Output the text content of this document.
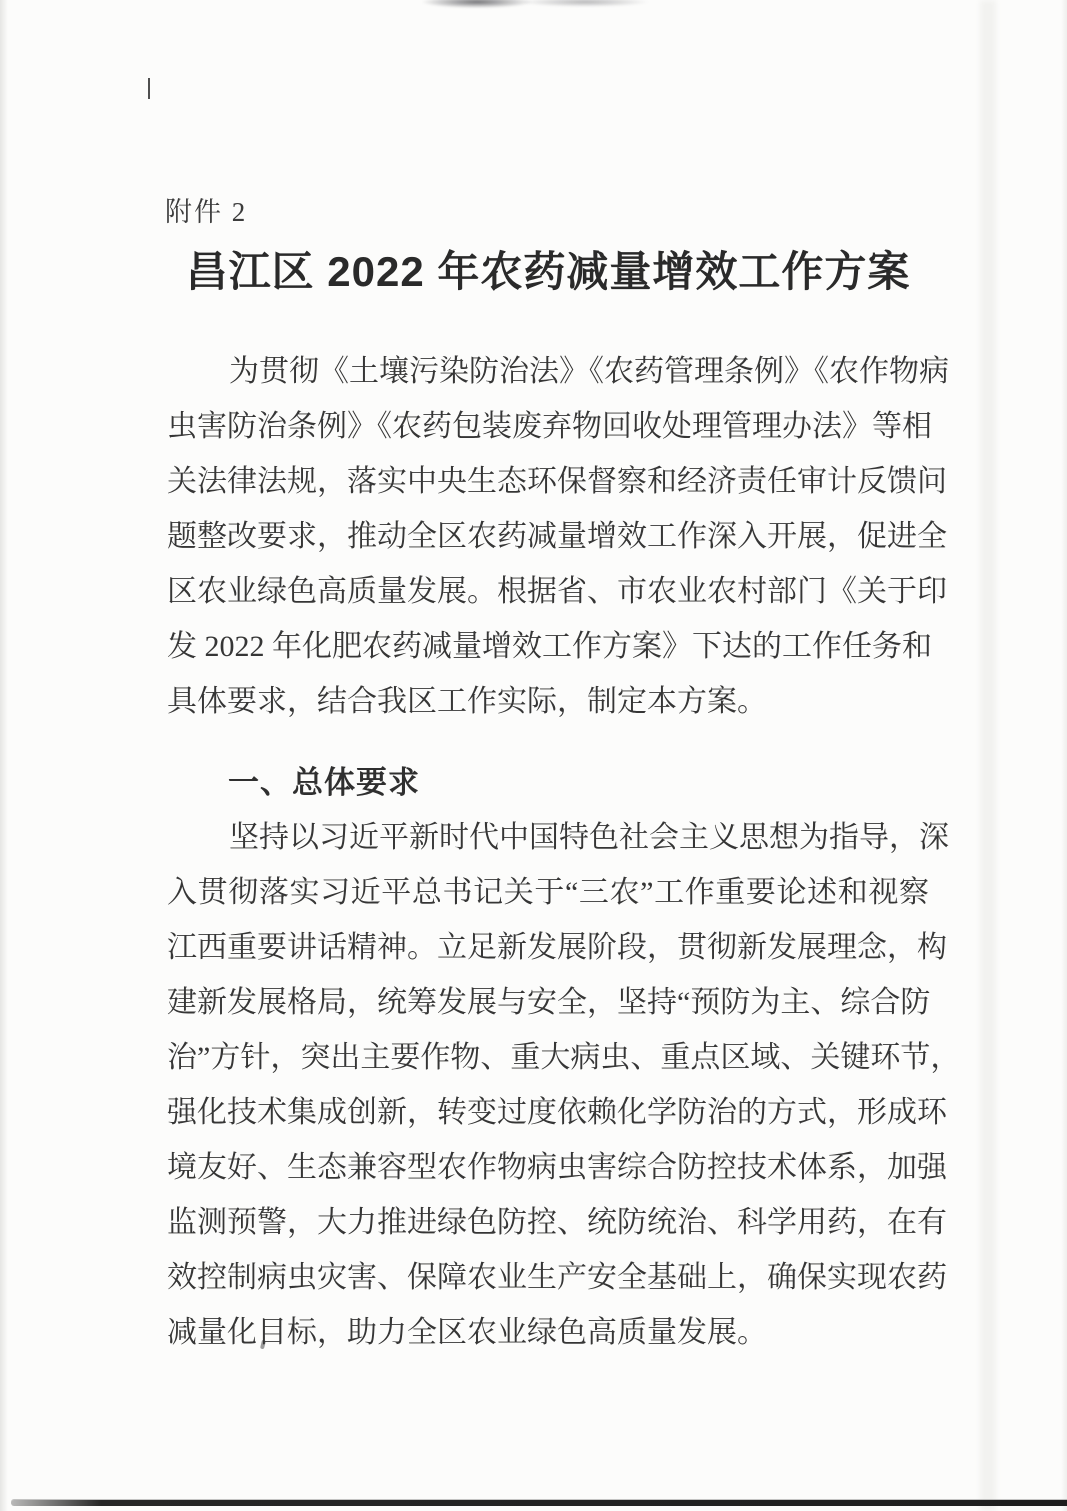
附件 2
昌江区 2022 年农药减量增效工作方案
为贯彻《土壤污染防治法》《农药管理条例》《农作物病
虫害防治条例》《农药包装废弃物回收处理管理办法》等相
关法律法规，落实中央生态环保督察和经济责任审计反馈问
题整改要求，推动全区农药减量增效工作深入开展，促进全
区农业绿色高质量发展。根据省、市农业农村部门《关于印
发 2022 年化肥农药减量增效工作方案》下达的工作任务和
具体要求，结合我区工作实际，制定本方案。
一、总体要求
坚持以习近平新时代中国特色社会主义思想为指导，深
入贯彻落实习近平总书记关于“三农”工作重要论述和视察
江西重要讲话精神。立足新发展阶段，贯彻新发展理念，构
建新发展格局，统筹发展与安全，坚持“预防为主、综合防
治”方针，突出主要作物、重大病虫、重点区域、关键环节，
强化技术集成创新，转变过度依赖化学防治的方式，形成环
境友好、生态兼容型农作物病虫害综合防控技术体系，加强
监测预警，大力推进绿色防控、统防统治、科学用药，在有
效控制病虫灾害、保障农业生产安全基础上，确保实现农药
减量化目标，助力全区农业绿色高质量发展。
